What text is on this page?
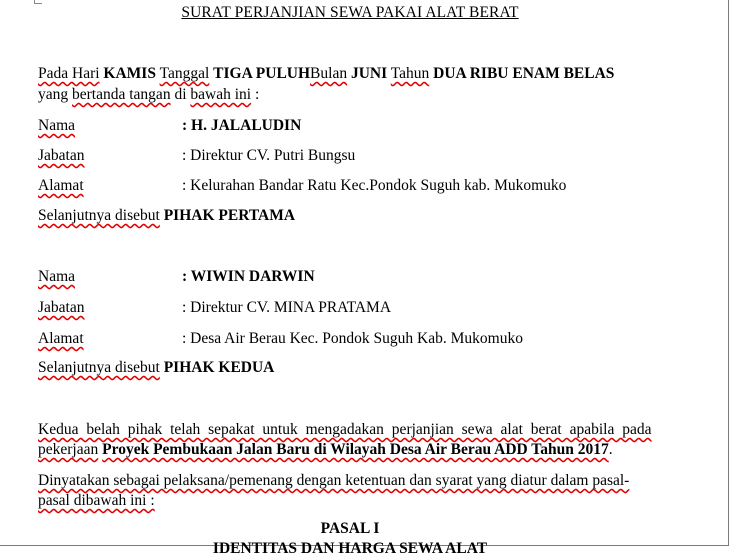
SURAT PERJANJIAN SEWA PAKAI ALAT BERAT
Pada Hari KAMIS Tanggal TIGA PULUHBulan JUNI Tahun DUA RIBU ENAM BELAS
yang bertanda tangan di bawah ini :
Nama	: H. JALALUDIN
Jabatan	: Direktur CV. Putri Bungsu
Alamat	: Kelurahan Bandar Ratu Kec.Pondok Suguh kab. Mukomuko
Selanjutnya disebut PIHAK PERTAMA
Nama	: WIWIN DARWIN
Jabatan	: Direktur CV. MINA PRATAMA
Alamat	: Desa Air Berau Kec. Pondok Suguh Kab. Mukomuko
Selanjutnya disebut PIHAK KEDUA
Kedua belah pihak telah sepakat untuk mengadakan perjanjian sewa alat berat apabila pada
pekerjaan Proyek Pembukaan Jalan Baru di Wilayah Desa Air Berau ADD Tahun 2017.
Dinyatakan sebagai pelaksana/pemenang dengan ketentuan dan syarat yang diatur dalam pasal-
pasal dibawah ini :
PASAL I
IDENTITAS DAN HARGA SEWA ALAT
